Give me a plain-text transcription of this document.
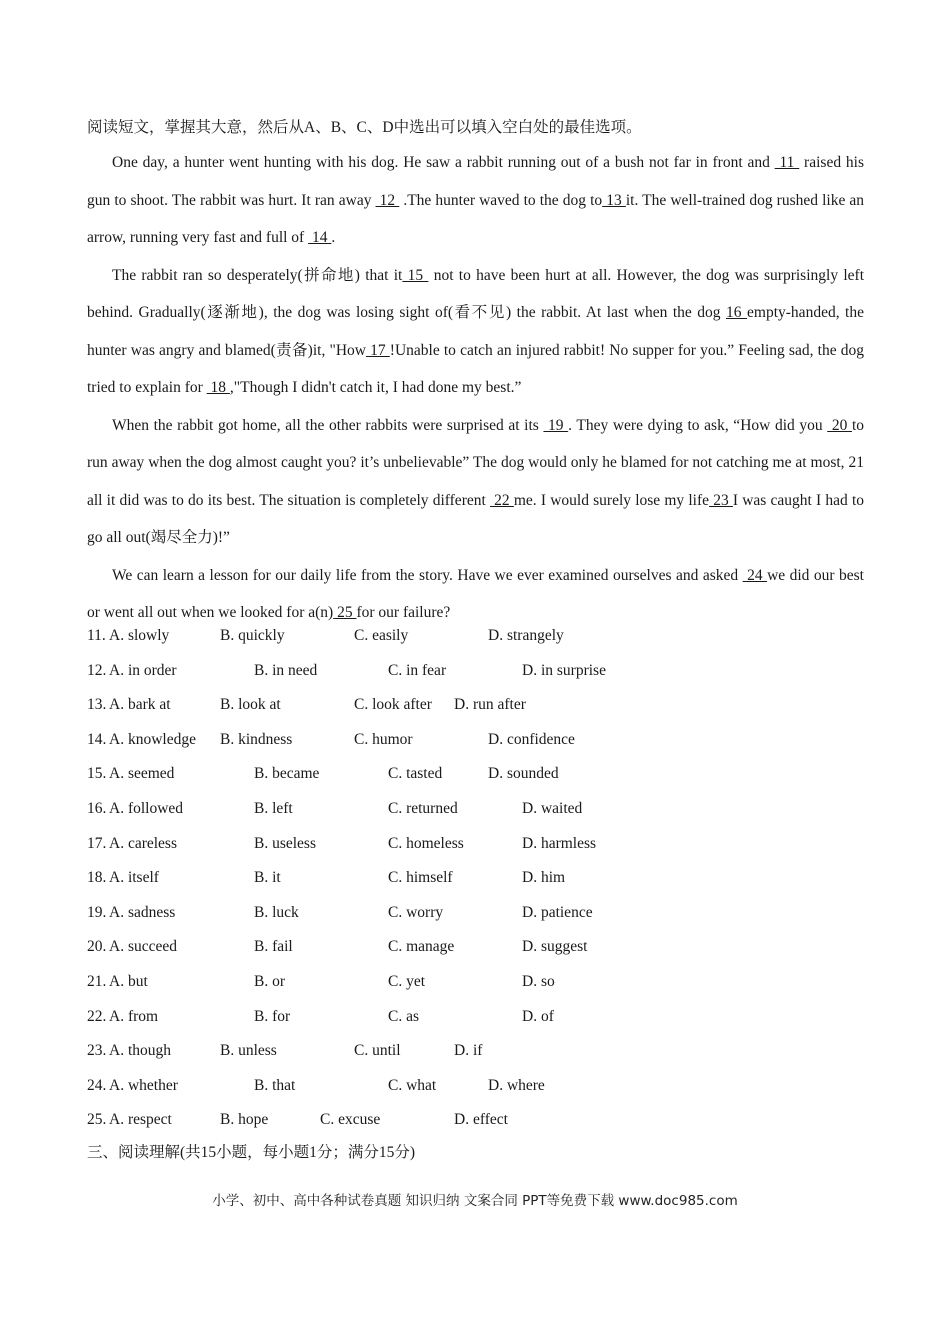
阅读短文，掌握其大意，然后从A、B、C、D中选出可以填入空白处的最佳选项。

One day, a hunter went hunting with his dog. He saw a rabbit running out of a bush not far in front and  11  raised his gun to shoot. The rabbit was hurt. It ran away  12  .The hunter waved to the dog to 13 it. The well-trained dog rushed like an arrow, running very fast and full of  14 .

The rabbit ran so desperately(拼命地) that it 15  not to have been hurt at all. However, the dog was surprisingly left behind. Gradually(逐渐地), the dog was losing sight of(看不见) the rabbit. At last when the dog 16 empty-handed, the hunter was angry and blamed(责备)it, "How 17 !Unable to catch an injured rabbit! No supper for you.” Feeling sad, the dog tried to explain for  18 ,"Though I didn't catch it, I had done my best.”

When the rabbit got home, all the other rabbits were surprised at its  19 . They were dying to ask, “How did you  20 to run away when the dog almost caught you? it’s unbelievable” The dog would only he blamed for not catching me at most, 21 all it did was to do its best. The situation is completely different  22 me. I would surely lose my life 23 I was caught I had to go all out(竭尽全力)!”

We can learn a lesson for our daily life from the story. Have we ever examined ourselves and asked  24 we did our best or went all out when we looked for a(n) 25 for our failure?

11. A. slowly	B. quickly	C. easily	D. strangely
12. A. in order	B. in need	C. in fear	D. in surprise
13. A. bark at	B. look at	C. look after D. run after
14. A. knowledge B. kindness	C. humor	D. confidence
15. A. seemed	B. became	C. tasted	D. sounded
16. A. followed	B. left	C. returned	D. waited
17. A. careless	B. useless	C. homeless	D. harmless
18. A. itself	B. it	C. himself	D. him
19. A. sadness	B. luck	C. worry	D. patience
20. A. succeed	B. fail	C. manage	D. suggest
21. A. but	B. or	C. yet	D. so
22. A. from	B. for	C. as	D. of
23. A. though	B. unless	C. until	D. if
24. A. whether	B. that	C. what	D. where
25. A. respect	B. hope	C. excuse	D. effect
三、阅读理解(共15小题，每小题1分；满分15分)
小学、初中、高中各种试卷真题 知识归纳 文案合同 PPT等免费下载 www.doc985.com
